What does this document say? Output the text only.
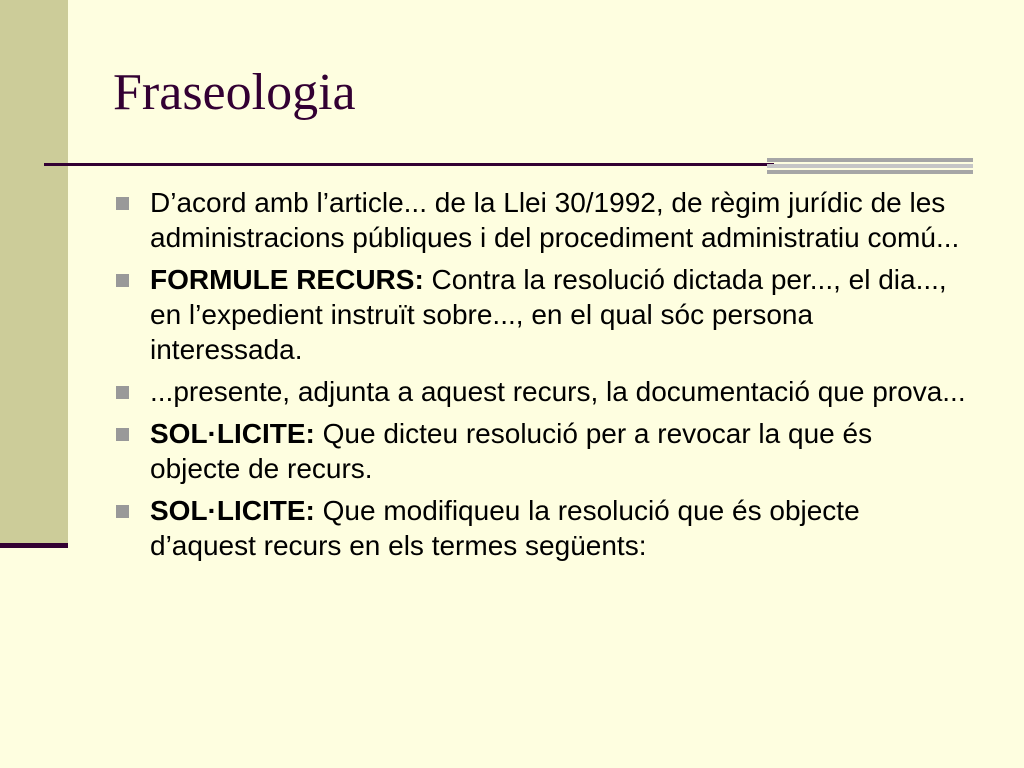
Fraseologia
D’acord amb l’article... de la Llei 30/1992, de règim jurídic de les administracions públiques i del procediment administratiu comú...
FORMULE RECURS: Contra la resolució dictada per..., el dia..., en l’expedient instruït sobre..., en el qual sóc persona interessada.
...presente, adjunta a aquest recurs, la documentació que prova...
SOL·LICITE: Que dicteu resolució per a revocar la que és objecte de recurs.
SOL·LICITE: Que modifiqueu la resolució que és objecte d’aquest recurs en els termes següents:
